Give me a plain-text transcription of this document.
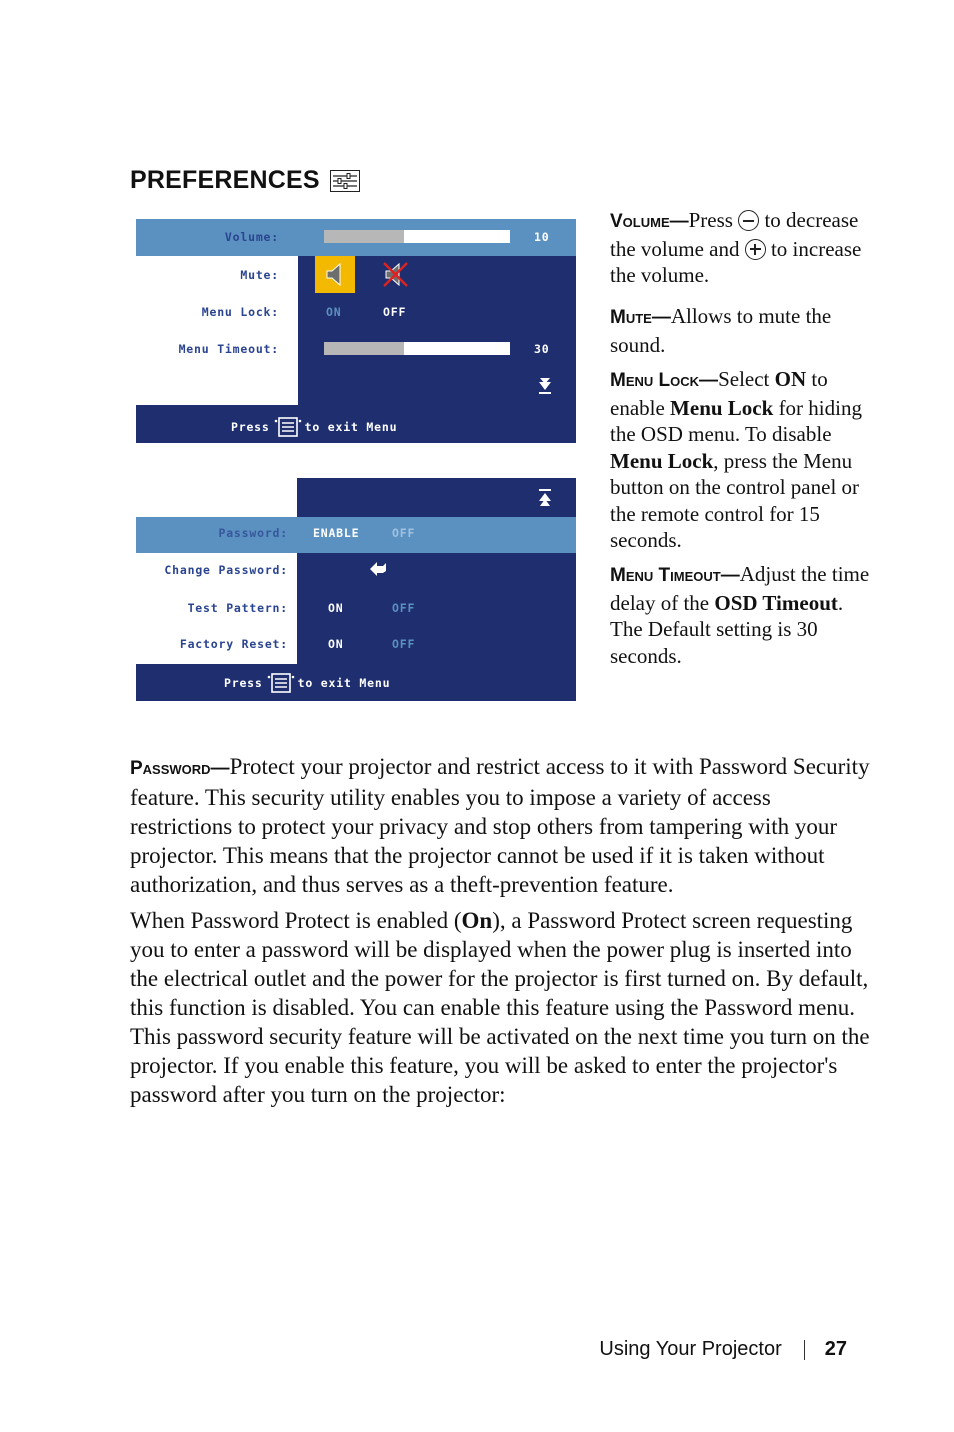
PREFERENCES
Volume:	10
Mute:
Menu Lock:	ON	OFF
Menu Timeout:	30
Press	to exit Menu
Password: ENABLE	OFF
Change Password:
Test Pattern:	ON	OFF
Factory Reset:	ON	OFF
Press	to exit Menu
Volume—Press to decrease the volume and to increase the volume.
Mute—Allows to mute the sound.
Menu Lock—Select ON to enable Menu Lock for hiding the OSD menu. To disable Menu Lock, press the Menu button on the control panel or the remote control for 15 seconds.
Menu Timeout—Adjust the time delay of the OSD Timeout. The Default setting is 30 seconds.
Password—Protect your projector and restrict access to it with Password Security feature. This security utility enables you to impose a variety of access restrictions to protect your privacy and stop others from tampering with your projector. This means that the projector cannot be used if it is taken without authorization, and thus serves as a theft-prevention feature.
When Password Protect is enabled (On), a Password Protect screen requesting you to enter a password will be displayed when the power plug is inserted into the electrical outlet and the power for the projector is first turned on. By default, this function is disabled. You can enable this feature using the Password menu. This password security feature will be activated on the next time you turn on the projector. If you enable this feature, you will be asked to enter the projector's password after you turn on the projector:
Using Your Projector 27
